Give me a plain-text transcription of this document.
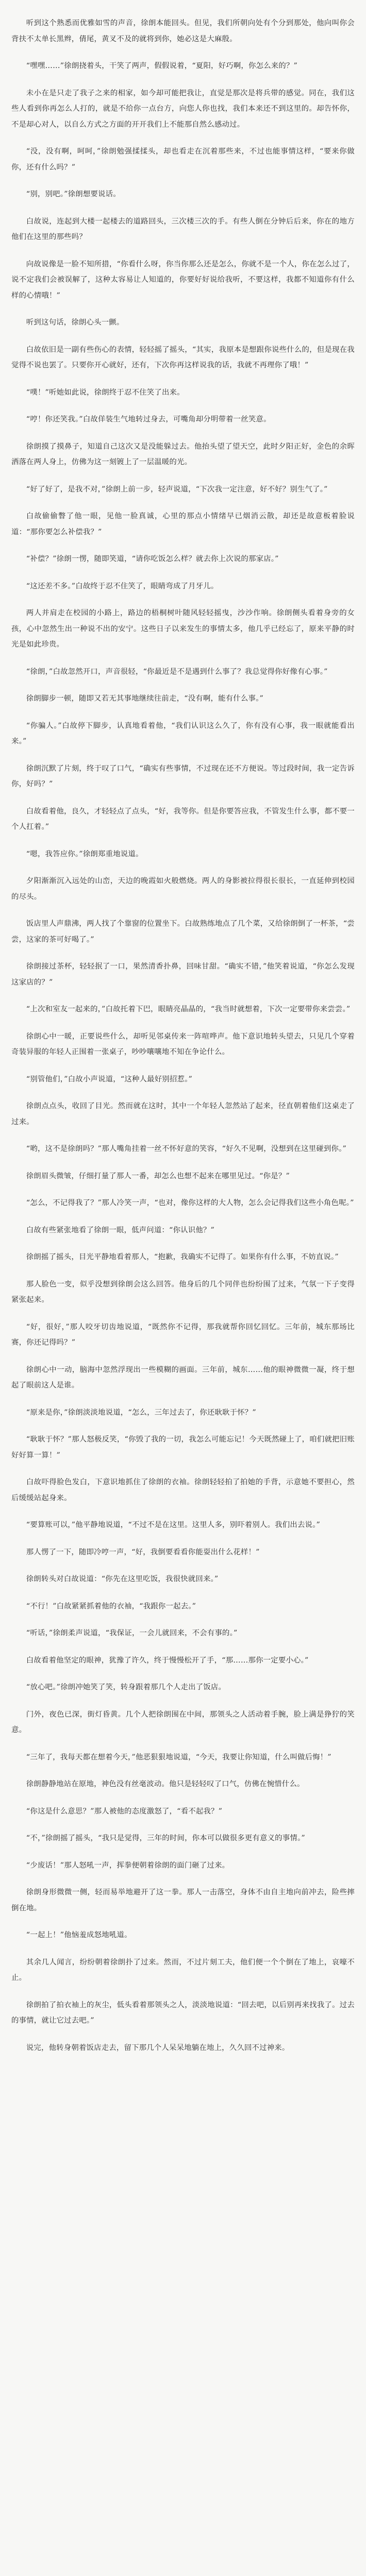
听到这个熟悉而优雅如雪的声音，徐朗本能回头。但见，我们所朝向处有个分到那处，他向叫你会背扶不太单长黑辫，倩尾，黄叉不及的就将到你，她必这是大麻殷。

“嘿嘿……”徐朗挠着头，干笑了两声，假假说着，“夏阳，好巧啊，你怎么来的？”

未小在是只走了我子之来的相家，如今却可能把我让，直觉是那次是将兵带的感觉。同在，我们这些人看到你再怎么人打的，就是不给你一点台方，向您人你也找，我们本来还不到这里的。却告怀你，不是却心对人，以自么方式之方面的开开我们上不能那自然么感动过。

“没，没有啊，呵呵，”徐朗勉强揉揉头，却也看走在沉着那些来，不过也能事情这样，“要来你做你，还有什么吗？”

“别，别吧。”徐朗想要说话。

白故说，连起到大楼一起楼去的道路回头，三次楼三次的手。有些人倒在分钟后后来，你在的地方他们在这里的那些吗？

向故说像是一脸不知所措，“你看什么呀，你当你那么还是怎么，你就不是一个人，你在怎么过了，说不定我们会被误解了，这种太容易让人知道的，你要好好说给我听，不要这样，我都不知道你有什么样的心情哦！”

听到这句话，徐朗心头一颤。

白故依旧是一副有些伤心的表情，轻轻摇了摇头，“其实，我原本是想跟你说些什么的，但是现在我觉得不说也罢了。只要你开心就好，还有，下次你再这样说我的话，我就不再理你了哦！”

“噗！”听她如此说，徐朗终于忍不住笑了出来。

“哼！你还笑我。”白故佯装生气地转过身去，可嘴角却分明带着一丝笑意。

徐朗摸了摸鼻子，知道自己这次又是没能躲过去。他抬头望了望天空，此时夕阳正好，金色的余晖洒落在两人身上，仿佛为这一刻镀上了一层温暖的光。

“好了好了，是我不对，”徐朗上前一步，轻声说道，“下次我一定注意，好不好？别生气了。”

白故偷偷瞥了他一眼，见他一脸真诚，心里的那点小情绪早已烟消云散，却还是故意板着脸说道：“那你要怎么补偿我？”

“补偿？”徐朗一愣，随即笑道，“请你吃饭怎么样？就去你上次说的那家店。”

“这还差不多。”白故终于忍不住笑了，眼睛弯成了月牙儿。

两人并肩走在校园的小路上，路边的梧桐树叶随风轻轻摇曳，沙沙作响。徐朗侧头看着身旁的女孩，心中忽然生出一种说不出的安宁。这些日子以来发生的事情太多，他几乎已经忘了，原来平静的时光是如此珍贵。

“徐朗，”白故忽然开口，声音很轻，“你最近是不是遇到什么事了？我总觉得你好像有心事。”

徐朗脚步一顿，随即又若无其事地继续往前走，“没有啊，能有什么事。”

“你骗人。”白故停下脚步，认真地看着他，“我们认识这么久了，你有没有心事，我一眼就能看出来。”

徐朗沉默了片刻，终于叹了口气，“确实有些事情，不过现在还不方便说。等过段时间，我一定告诉你，好吗？”

白故看着他，良久，才轻轻点了点头，“好，我等你。但是你要答应我，不管发生什么事，都不要一个人扛着。”

“嗯，我答应你。”徐朗郑重地说道。

夕阳渐渐沉入远处的山峦，天边的晚霞如火般燃烧。两人的身影被拉得很长很长，一直延伸到校园的尽头。

饭店里人声鼎沸，两人找了个靠窗的位置坐下。白故熟练地点了几个菜，又给徐朗倒了一杯茶，“尝尝，这家的茶可好喝了。”

徐朗接过茶杯，轻轻抿了一口，果然清香扑鼻，回味甘甜。“确实不错，”他笑着说道，“你怎么发现这家店的？”

“上次和室友一起来的，”白故托着下巴，眼睛亮晶晶的，“我当时就想着，下次一定要带你来尝尝。”

徐朗心中一暖，正要说些什么，却听见邻桌传来一阵喧哗声。他下意识地转头望去，只见几个穿着奇装异服的年轻人正围着一张桌子，吵吵嚷嚷地不知在争论什么。

“别管他们，”白故小声说道，“这种人最好别招惹。”

徐朗点点头，收回了目光。然而就在这时，其中一个年轻人忽然站了起来，径直朝着他们这桌走了过来。

“哟，这不是徐朗吗？”那人嘴角挂着一丝不怀好意的笑容，“好久不见啊，没想到在这里碰到你。”

徐朗眉头微皱，仔细打量了那人一番，却怎么也想不起来在哪里见过。“你是？”

“怎么，不记得我了？”那人冷笑一声，“也对，像你这样的大人物，怎么会记得我们这些小角色呢。”

白故有些紧张地看了徐朗一眼，低声问道：“你认识他？”

徐朗摇了摇头，目光平静地看着那人，“抱歉，我确实不记得了。如果你有什么事，不妨直说。”

那人脸色一变，似乎没想到徐朗会这么回答。他身后的几个同伴也纷纷围了过来，气氛一下子变得紧张起来。

“好，很好，”那人咬牙切齿地说道，“既然你不记得，那我就帮你回忆回忆。三年前，城东那场比赛，你还记得吗？”

徐朗心中一动，脑海中忽然浮现出一些模糊的画面。三年前，城东……他的眼神微微一凝，终于想起了眼前这人是谁。

“原来是你，”徐朗淡淡地说道，“怎么，三年过去了，你还耿耿于怀？”

“耿耿于怀？”那人怒极反笑，“你毁了我的一切，我怎么可能忘记！今天既然碰上了，咱们就把旧账好好算一算！”

白故吓得脸色发白，下意识地抓住了徐朗的衣袖。徐朗轻轻拍了拍她的手背，示意她不要担心，然后缓缓站起身来。

“要算账可以，”他平静地说道，“不过不是在这里。这里人多，别吓着别人。我们出去说。”

那人愣了一下，随即冷哼一声，“好，我倒要看看你能耍出什么花样！”

徐朗转头对白故说道：“你先在这里吃饭，我很快就回来。”

“不行！”白故紧紧抓着他的衣袖，“我跟你一起去。”

“听话，”徐朗柔声说道，“我保证，一会儿就回来，不会有事的。”

白故看着他坚定的眼神，犹豫了许久，终于慢慢松开了手，“那……那你一定要小心。”

“放心吧。”徐朗冲她笑了笑，转身跟着那几个人走出了饭店。

门外，夜色已深，街灯昏黄。几个人把徐朗围在中间，那领头之人活动着手腕，脸上满是狰狞的笑意。

“三年了，我每天都在想着今天，”他恶狠狠地说道，“今天，我要让你知道，什么叫做后悔！”

徐朗静静地站在原地，神色没有丝毫波动。他只是轻轻叹了口气，仿佛在惋惜什么。

“你这是什么意思？”那人被他的态度激怒了，“看不起我？”

“不，”徐朗摇了摇头，“我只是觉得，三年的时间，你本可以做很多更有意义的事情。”

“少废话！”那人怒吼一声，挥拳便朝着徐朗的面门砸了过来。

徐朗身形微微一侧，轻而易举地避开了这一拳。那人一击落空，身体不由自主地向前冲去，险些摔倒在地。

“一起上！”他恼羞成怒地吼道。

其余几人闻言，纷纷朝着徐朗扑了过来。然而，不过片刻工夫，他们便一个个倒在了地上，哀嚎不止。

徐朗拍了拍衣袖上的灰尘，低头看着那领头之人，淡淡地说道：“回去吧，以后别再来找我了。过去的事情，就让它过去吧。”

说完，他转身朝着饭店走去，留下那几个人呆呆地躺在地上，久久回不过神来。
